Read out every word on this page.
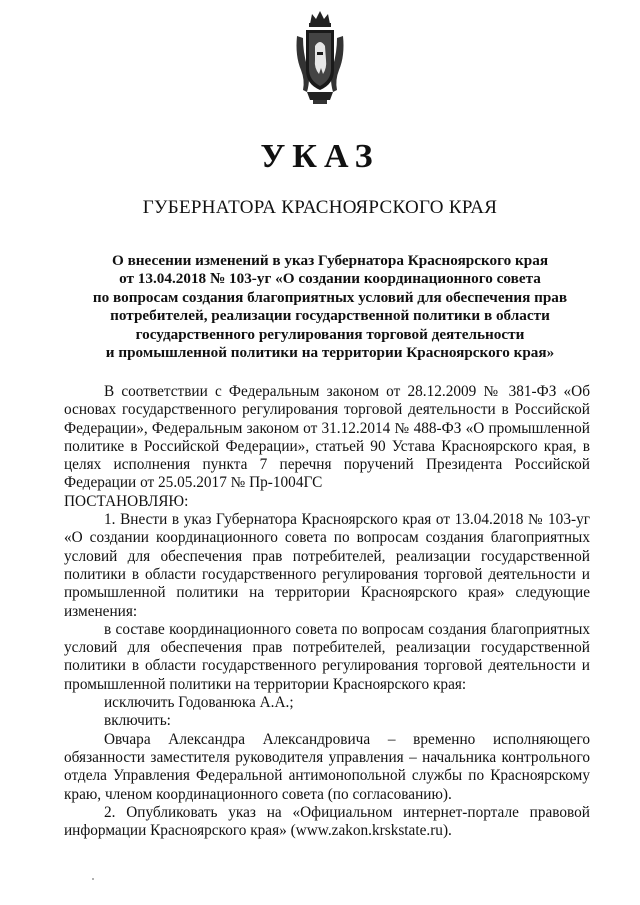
УКАЗ
ГУБЕРНАТОРА КРАСНОЯРСКОГО КРАЯ
О внесении изменений в указ Губернатора Красноярского края
от 13.04.2018 № 103-уг «О создании координационного совета
по вопросам создания благоприятных условий для обеспечения прав
потребителей, реализации государственной политики в области
государственного регулирования торговой деятельности
и промышленной политики на территории Красноярского края»

В соответствии с Федеральным законом от 28.12.2009 № 381-ФЗ «Об основах государственного регулирования торговой деятельности в Российской Федерации», Федеральным законом от 31.12.2014 № 488-ФЗ «О промышленной политике в Российской Федерации», статьей 90 Устава Красноярского края, в целях исполнения пункта 7 перечня поручений Президента Российской Федерации от 25.05.2017 № Пр-1004ГС

ПОСТАНОВЛЯЮ:

1. Внести в указ Губернатора Красноярского края от 13.04.2018 № 103-уг «О создании координационного совета по вопросам создания благоприятных условий для обеспечения прав потребителей, реализации государственной политики в области государственного регулирования торговой деятельности и промышленной политики на территории Красноярского края» следующие изменения:

в составе координационного совета по вопросам создания благоприятных условий для обеспечения прав потребителей, реализации государственной политики в области государственного регулирования торговой деятельности и промышленной политики на территории Красноярского края:

исключить Годованюка А.А.;

включить:

Овчара Александра Александровича – временно исполняющего обязанности заместителя руководителя управления – начальника контрольного отдела Управления Федеральной антимонопольной службы по Красноярскому краю, членом координационного совета (по согласованию).

2. Опубликовать указ на «Официальном интернет-портале правовой информации Красноярского края» (www.zakon.krskstate.ru).
